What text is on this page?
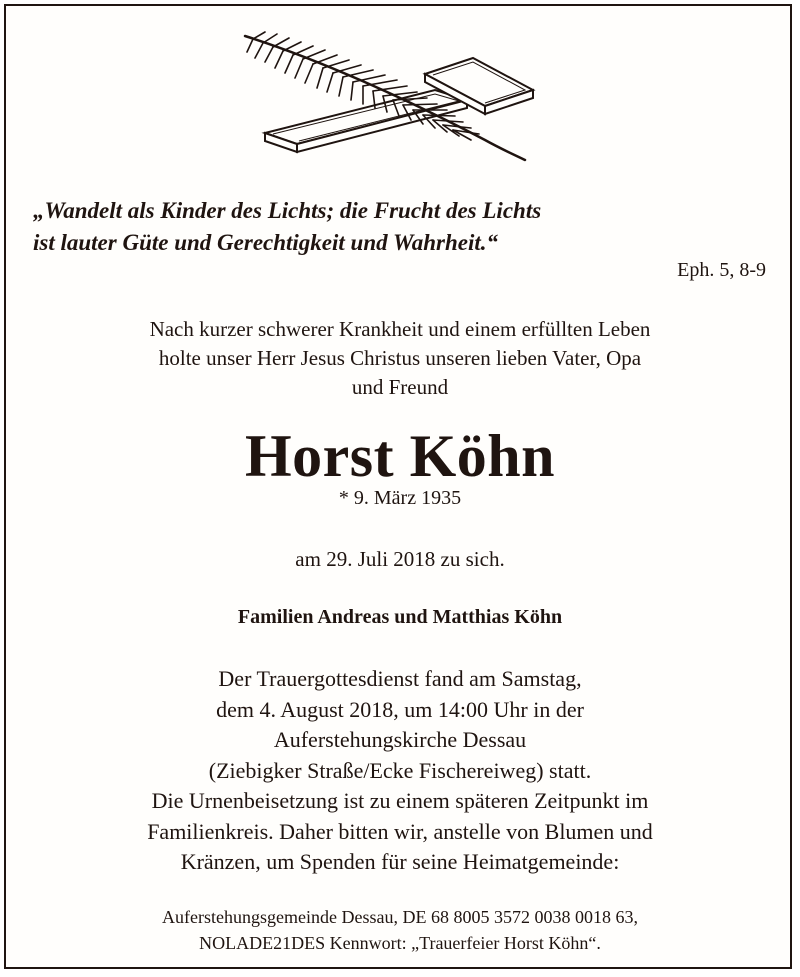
„Wandelt als Kinder des Lichts; die Frucht des Lichts
ist lauter Güte und Gerechtigkeit und Wahrheit.“
Eph. 5, 8-9
Nach kurzer schwerer Krankheit und einem erfüllten Leben
holte unser Herr Jesus Christus unseren lieben Vater, Opa
und Freund
Horst Köhn
* 9. März 1935
am 29. Juli 2018 zu sich.
Familien Andreas und Matthias Köhn
Der Trauergottesdienst fand am Samstag,
dem 4. August 2018, um 14:00 Uhr in der
Auferstehungskirche Dessau
(Ziebigker Straße/Ecke Fischereiweg) statt.
Die Urnenbeisetzung ist zu einem späteren Zeitpunkt im
Familienkreis. Daher bitten wir, anstelle von Blumen und
Kränzen, um Spenden für seine Heimatgemeinde:
Auferstehungsgemeinde Dessau, DE 68 8005 3572 0038 0018 63,
NOLADE21DES Kennwort: „Trauerfeier Horst Köhn“.
